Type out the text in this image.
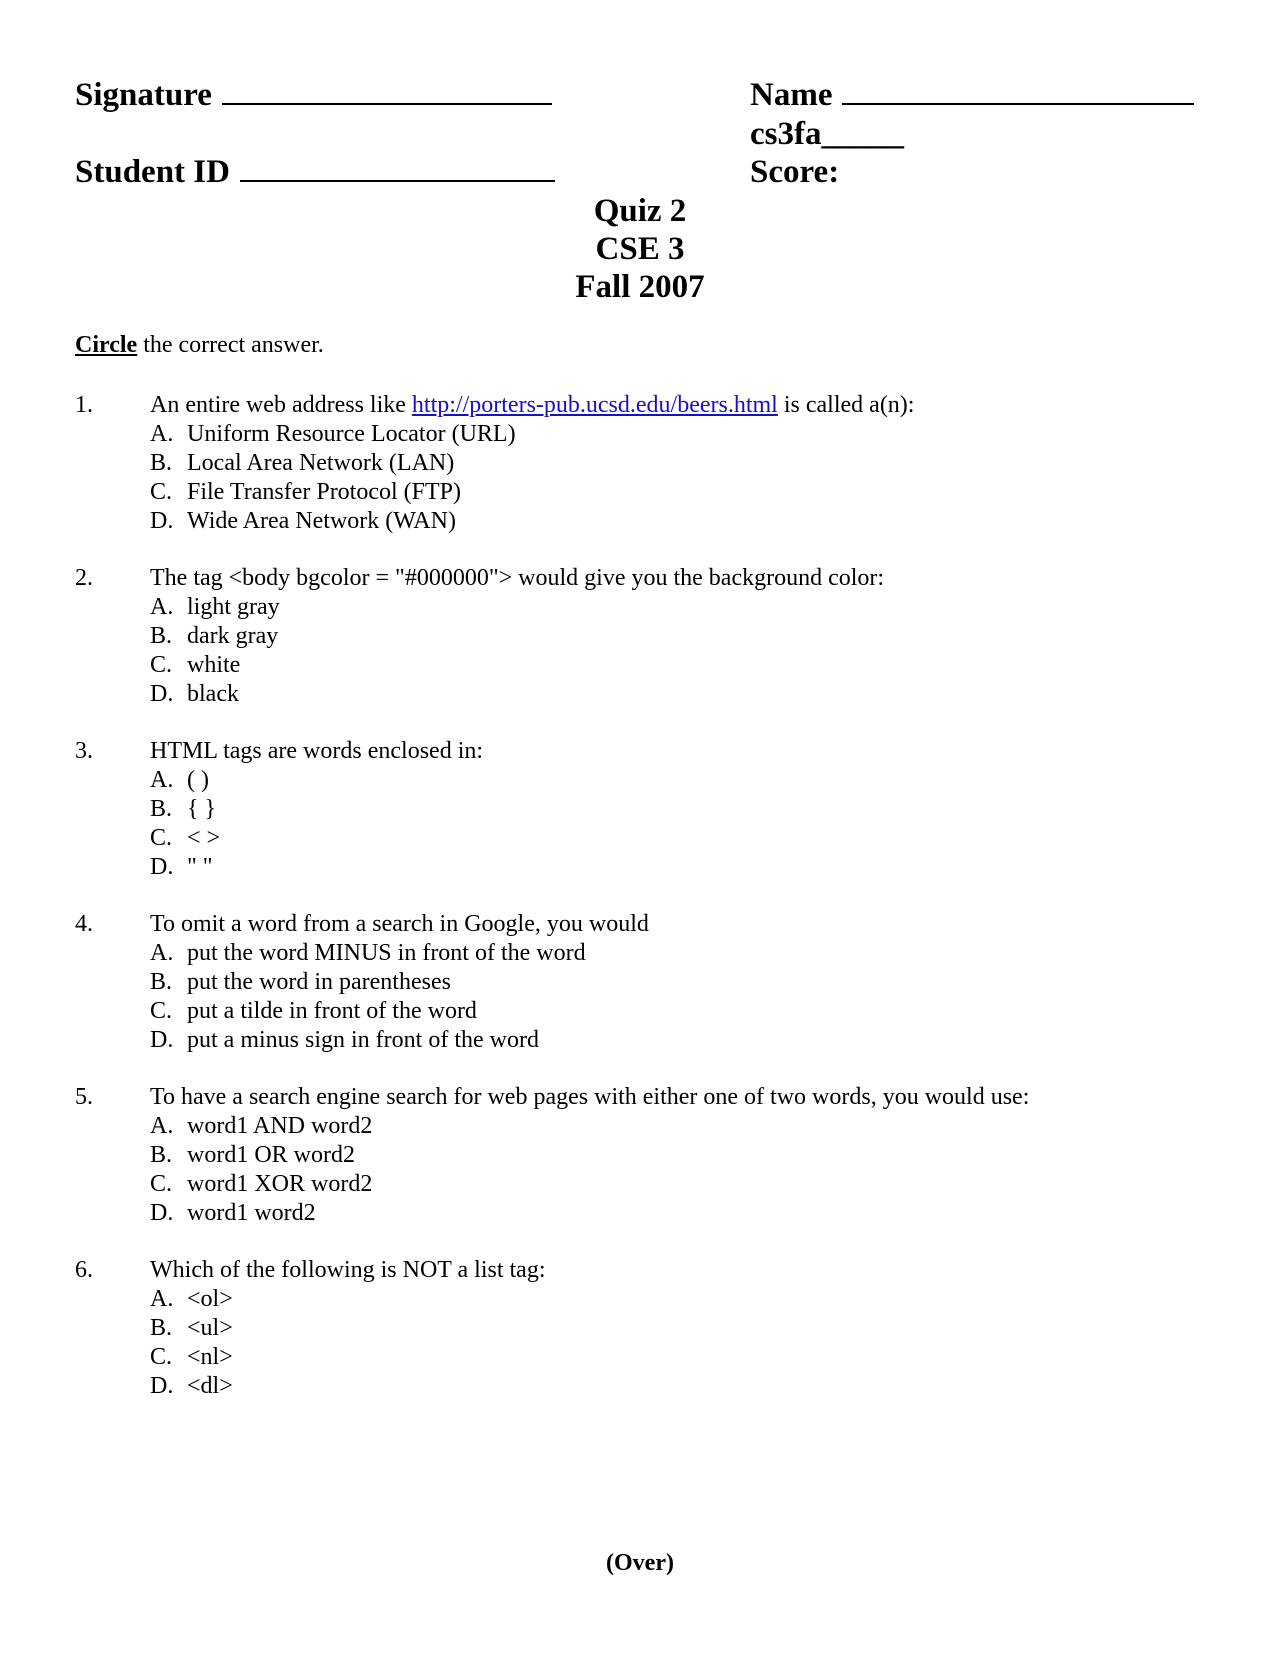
Signature
Student ID
Name
cs3fa_____
Score:
Quiz 2
CSE 3
Fall 2007
Circle the correct answer.
1.	An entire web address like http://porters-pub.ucsd.edu/beers.html is called a(n):
A. Uniform Resource Locator (URL)
B. Local Area Network (LAN)
C. File Transfer Protocol (FTP)
D. Wide Area Network (WAN)
2.	The tag <body bgcolor = "#000000"> would give you the background color:
A. light gray
B. dark gray
C. white
D. black
3.	HTML tags are words enclosed in:
A. ( )
B. { }
C. < >
D. " "
4.	To omit a word from a search in Google, you would
A. put the word MINUS in front of the word
B. put the word in parentheses
C. put a tilde in front of the word
D. put a minus sign in front of the word
5.	To have a search engine search for web pages with either one of two words, you would use:
A. word1 AND word2
B. word1 OR word2
C. word1 XOR word2
D. word1 word2
6.	Which of the following is NOT a list tag:
A. <ol>
B. <ul>
C. <nl>
D. <dl>
(Over)
